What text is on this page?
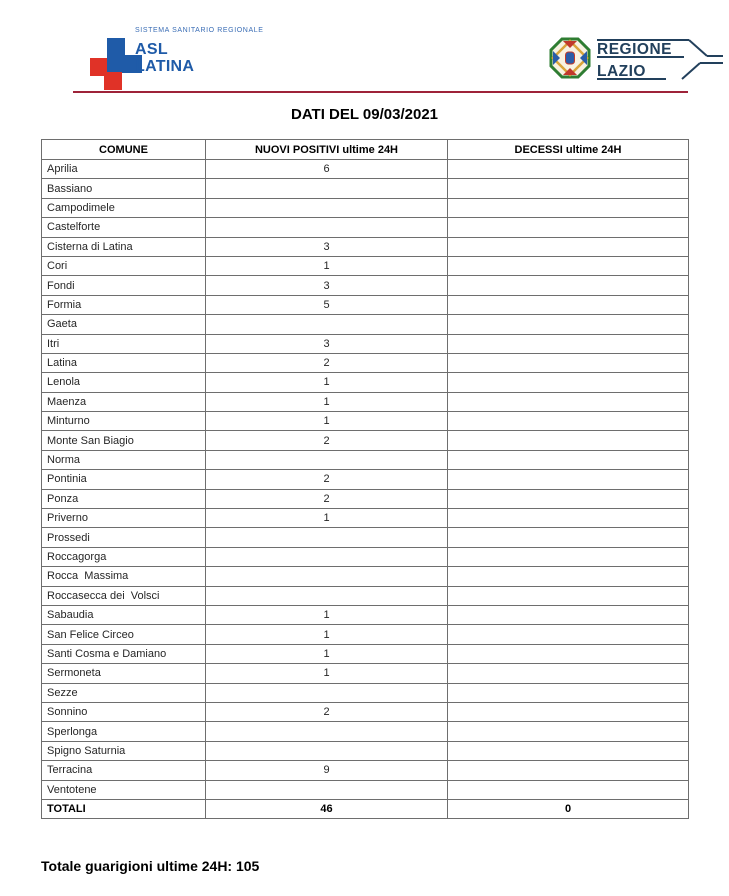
SISTEMA SANITARIO REGIONALE
ASL
LATINA
REGIONE
LAZIO
DATI DEL 09/03/2021
COMUNE	NUOVI POSITIVI ultime 24H	DECESSI ultime 24H
Aprilia	6	
Bassiano		
Campodimele		
Castelforte		
Cisterna di Latina	3	
Cori	1	
Fondi	3	
Formia	5	
Gaeta		
Itri	3	
Latina	2	
Lenola	1	
Maenza	1	
Minturno	1	
Monte San Biagio	2	
Norma		
Pontinia	2	
Ponza	2	
Priverno	1	
Prossedi		
Roccagorga		
Rocca  Massima		
Roccasecca dei  Volsci		
Sabaudia	1	
San Felice Circeo	1	
Santi Cosma e Damiano	1	
Sermoneta	1	
Sezze		
Sonnino	2	
Sperlonga		
Spigno Saturnia		
Terracina	9	
Ventotene		
TOTALI	46	0
Totale guarigioni ultime 24H: 105
